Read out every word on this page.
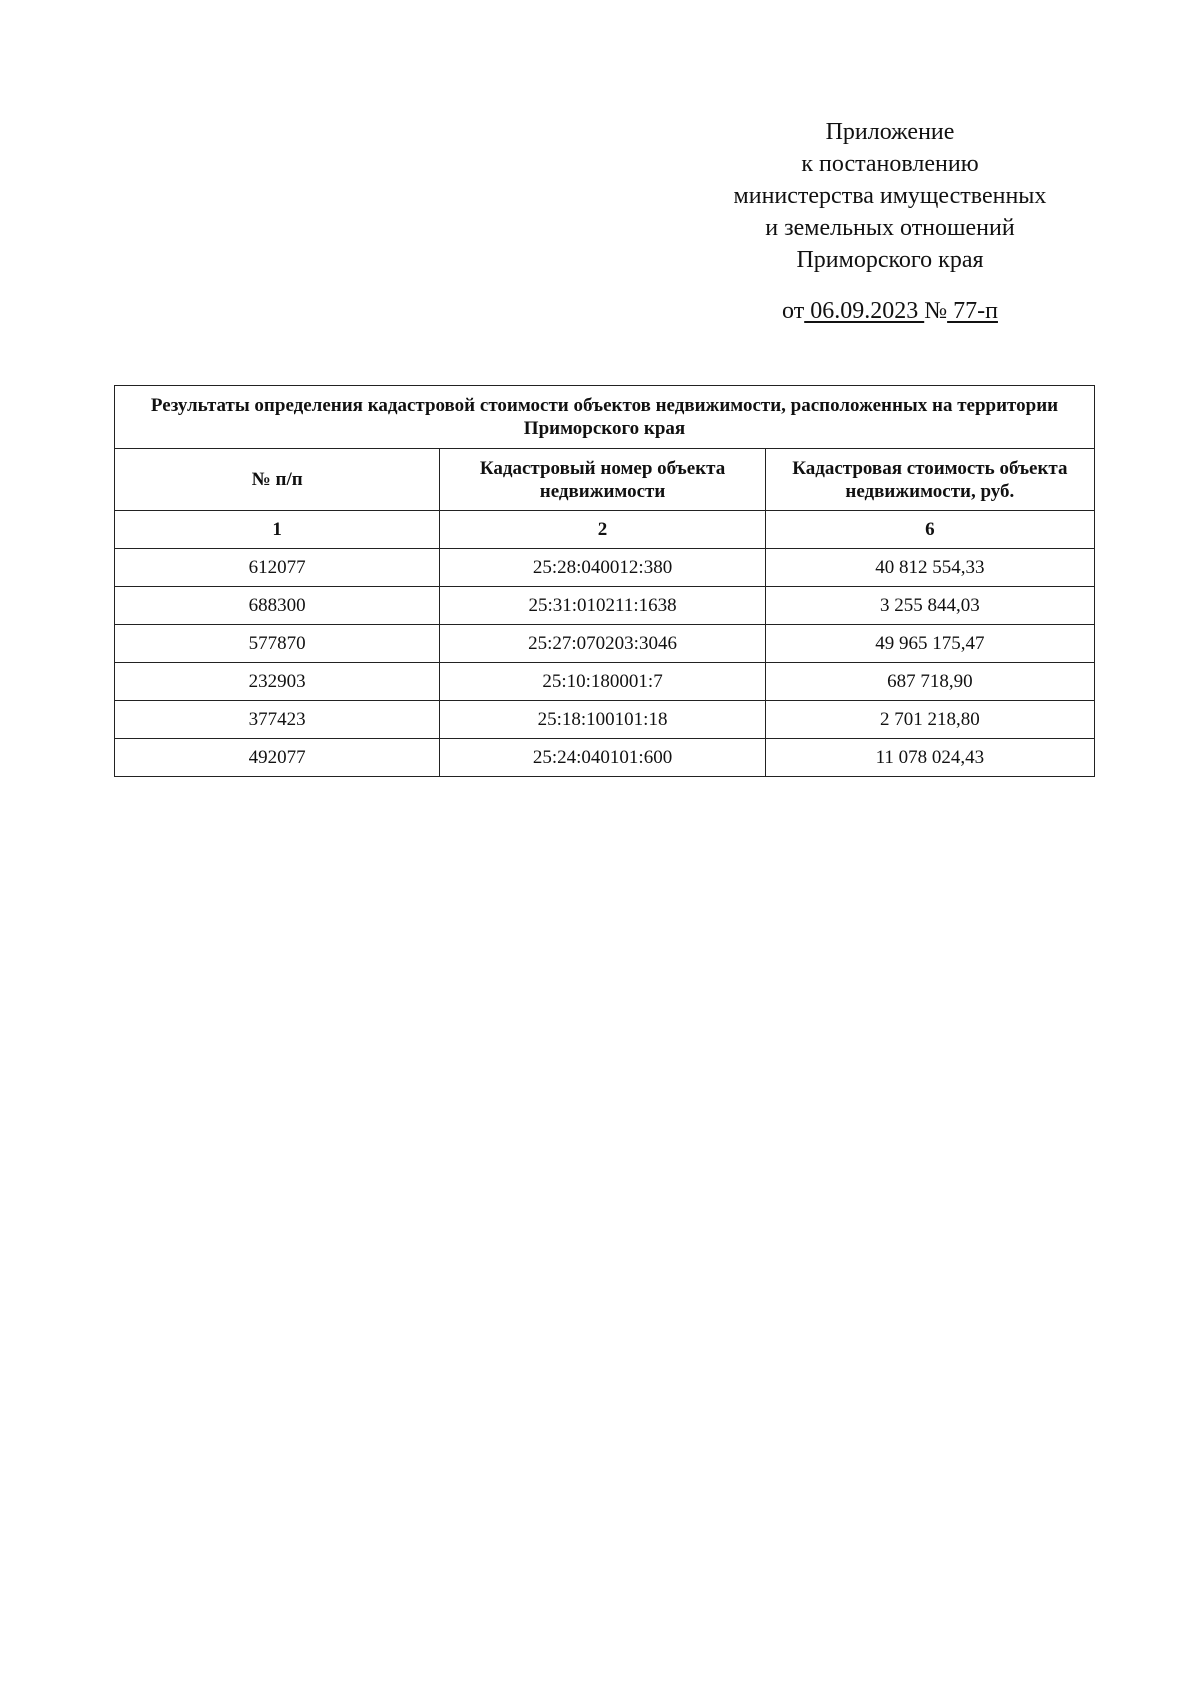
Приложение
к постановлению
министерства имущественных
и земельных отношений
Приморского края
от 06.09.2023 № 77-п
Результаты определения кадастровой стоимости объектов недвижимости, расположенных на территории Приморского края		
№ п/п	Кадастровый номер объекта недвижимости	Кадастровая стоимость объекта недвижимости, руб.
1	2	6
612077	25:28:040012:380	40 812 554,33
688300	25:31:010211:1638	3 255 844,03
577870	25:27:070203:3046	49 965 175,47
232903	25:10:180001:7	687 718,90
377423	25:18:100101:18	2 701 218,80
492077	25:24:040101:600	11 078 024,43
